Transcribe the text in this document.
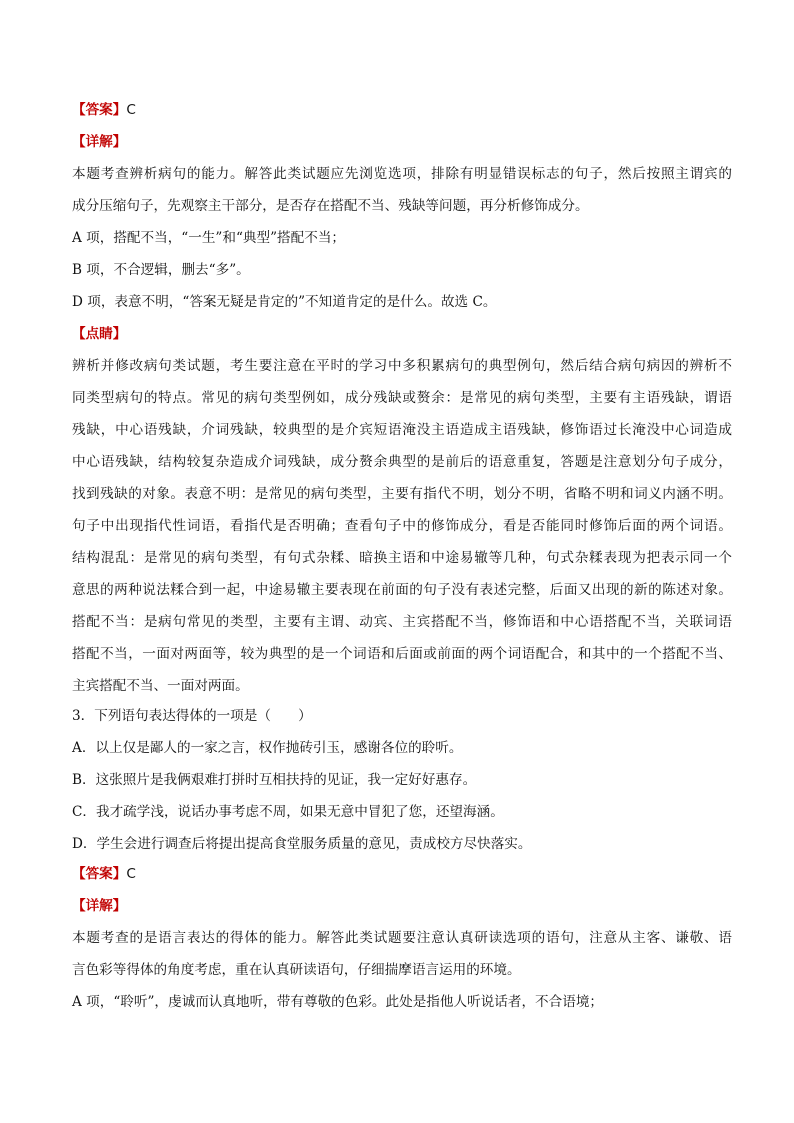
【答案】C
【详解】
本题考查辨析病句的能力。解答此类试题应先浏览选项，排除有明显错误标志的句子，然后按照主谓宾的
成分压缩句子，先观察主干部分，是否存在搭配不当、残缺等问题，再分析修饰成分。
A 项，搭配不当，“一生”和“典型”搭配不当；
B 项，不合逻辑，删去“多”。
D 项，表意不明，“答案无疑是肯定的”不知道肯定的是什么。故选 C。
【点睛】
辨析并修改病句类试题，考生要注意在平时的学习中多积累病句的典型例句，然后结合病句病因的辨析不
同类型病句的特点。常见的病句类型例如，成分残缺或赘余：是常见的病句类型，主要有主语残缺，谓语
残缺，中心语残缺，介词残缺，较典型的是介宾短语淹没主语造成主语残缺，修饰语过长淹没中心词造成
中心语残缺，结构较复杂造成介词残缺，成分赘余典型的是前后的语意重复，答题是注意划分句子成分，
找到残缺的对象。表意不明：是常见的病句类型，主要有指代不明，划分不明，省略不明和词义内涵不明。
句子中出现指代性词语，看指代是否明确；查看句子中的修饰成分，看是否能同时修饰后面的两个词语。
结构混乱：是常见的病句类型，有句式杂糅、暗换主语和中途易辙等几种，句式杂糅表现为把表示同一个
意思的两种说法糅合到一起，中途易辙主要表现在前面的句子没有表述完整，后面又出现的新的陈述对象。
搭配不当：是病句常见的类型，主要有主谓、动宾、主宾搭配不当，修饰语和中心语搭配不当，关联词语
搭配不当，一面对两面等，较为典型的是一个词语和后面或前面的两个词语配合，和其中的一个搭配不当、
主宾搭配不当、一面对两面。
3．下列语句表达得体的一项是（　　）
A．以上仅是鄙人的一家之言，权作抛砖引玉，感谢各位的聆听。
B．这张照片是我俩艰难打拼时互相扶持的见证，我一定好好惠存。
C．我才疏学浅，说话办事考虑不周，如果无意中冒犯了您，还望海涵。
D．学生会进行调查后将提出提高食堂服务质量的意见，责成校方尽快落实。
【答案】C
【详解】
本题考查的是语言表达的得体的能力。解答此类试题要注意认真研读选项的语句，注意从主客、谦敬、语
言色彩等得体的角度考虑，重在认真研读语句，仔细揣摩语言运用的环境。
A 项，“聆听”，虔诚而认真地听，带有尊敬的色彩。此处是指他人听说话者，不合语境；
